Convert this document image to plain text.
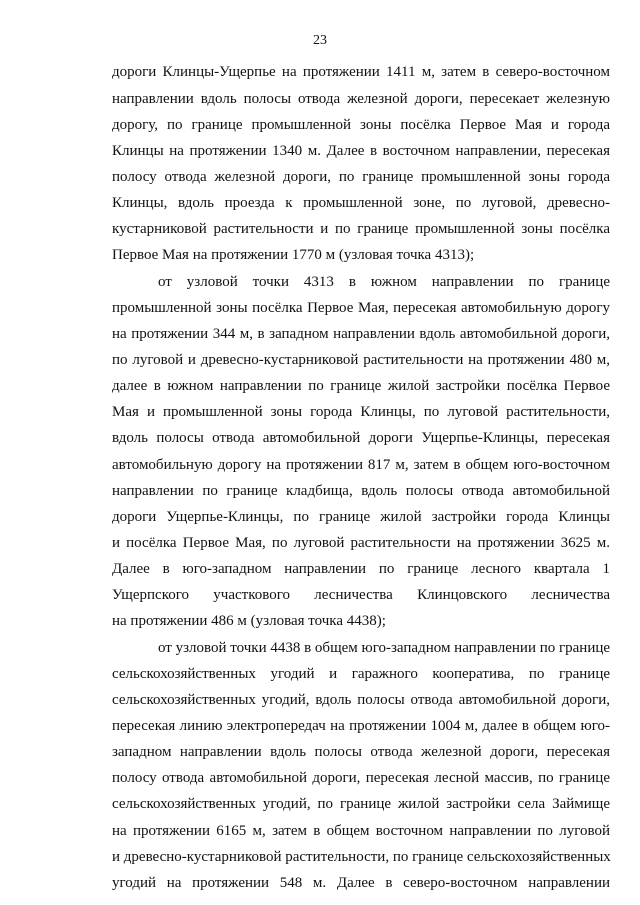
23
дороги Клинцы-Ущерпье на протяжении 1411 м, затем в северо-восточном
направлении вдоль полосы отвода железной дороги, пересекает железную
дорогу, по границе промышленной зоны посёлка Первое Мая и города
Клинцы на протяжении 1340 м. Далее в восточном направлении, пересекая
полосу отвода железной дороги, по границе промышленной зоны города
Клинцы, вдоль проезда к промышленной зоне, по луговой, древесно-
кустарниковой растительности и по границе промышленной зоны посёлка
Первое Мая на протяжении 1770 м (узловая точка 4313);
от узловой точки 4313 в южном направлении по границе
промышленной зоны посёлка Первое Мая, пересекая автомобильную дорогу
на протяжении 344 м, в западном направлении вдоль автомобильной дороги,
по луговой и древесно-кустарниковой растительности на протяжении 480 м,
далее в южном направлении по границе жилой застройки посёлка Первое
Мая и промышленной зоны города Клинцы, по луговой растительности,
вдоль полосы отвода автомобильной дороги Ущерпье-Клинцы, пересекая
автомобильную дорогу на протяжении 817 м, затем в общем юго-восточном
направлении по границе кладбища, вдоль полосы отвода автомобильной
дороги Ущерпье-Клинцы, по границе жилой застройки города Клинцы
и посёлка Первое Мая, по луговой растительности на протяжении 3625 м.
Далее в юго-западном направлении по границе лесного квартала 1
Ущерпского участкового лесничества Клинцовского лесничества
на протяжении 486 м (узловая точка 4438);
от узловой точки 4438 в общем юго-западном направлении по границе
сельскохозяйственных угодий и гаражного кооператива, по границе
сельскохозяйственных угодий, вдоль полосы отвода автомобильной дороги,
пересекая линию электропередач на протяжении 1004 м, далее в общем юго-
западном направлении вдоль полосы отвода железной дороги, пересекая
полосу отвода автомобильной дороги, пересекая лесной массив, по границе
сельскохозяйственных угодий, по границе жилой застройки села Займище
на протяжении 6165 м, затем в общем восточном направлении по луговой
и древесно-кустарниковой растительности, по границе сельскохозяйственных
угодий на протяжении 548 м. Далее в северо-восточном направлении
